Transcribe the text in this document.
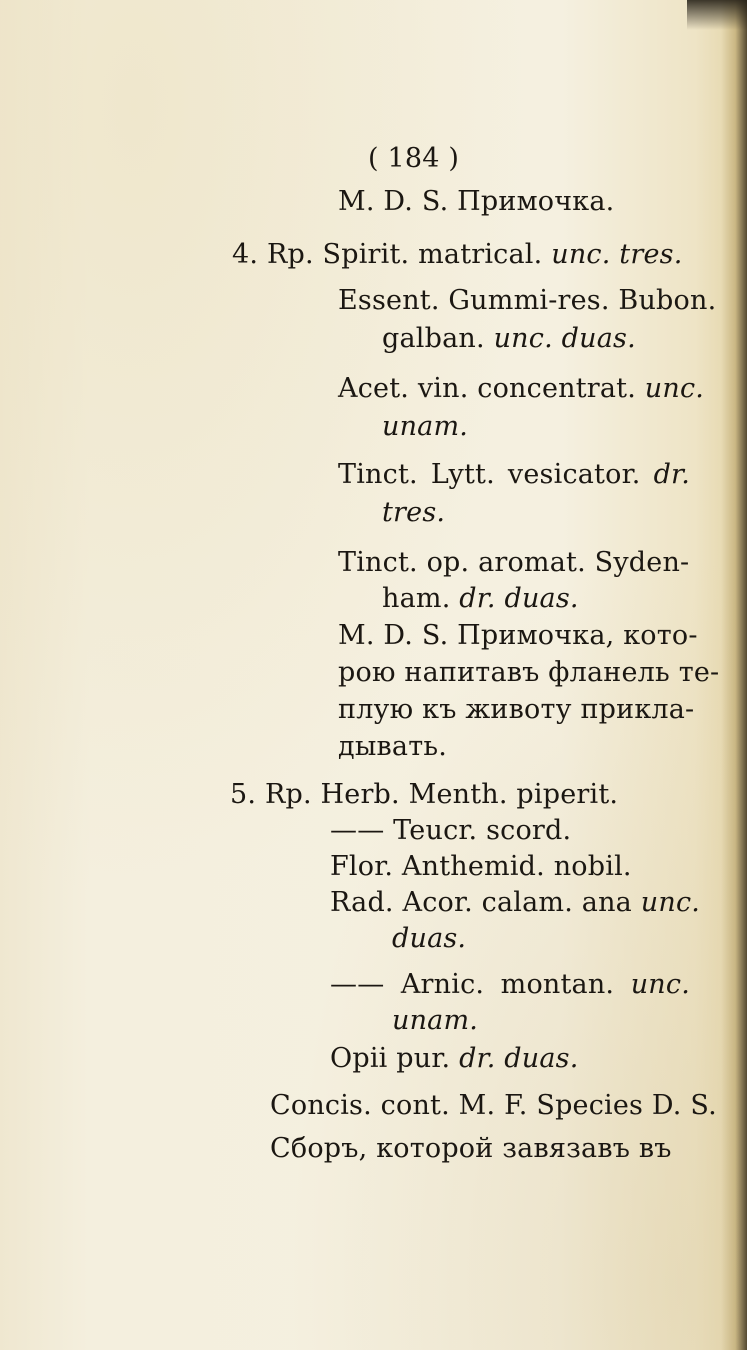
( 184 )
M. D. S. Примочка.
4. Rp. Spirit. matrical. unc. tres.
Essent. Gummi-res. Bubon.
galban. unc. duas.
Acet. vin. concentrat. unc.
unam.
Tinct. Lytt. vesicator. dr.
tres.
Tinct. op. aromat. Syden-
ham. dr. duas.
M. D. S. Примочка, кото-
рою напитавъ фланель те-
плую къ животу прикла-
дывать.
5. Rp. Herb. Menth. piperit.
—— Teucr. scord.
Flor. Anthemid. nobil.
Rad. Acor. calam. ana unc.
duas.
—— Arnic. montan. unc.
unam.
Opii pur. dr. duas.
Concis. cont. M. F. Species D. S.
Сборъ, которой завязавъ въ
